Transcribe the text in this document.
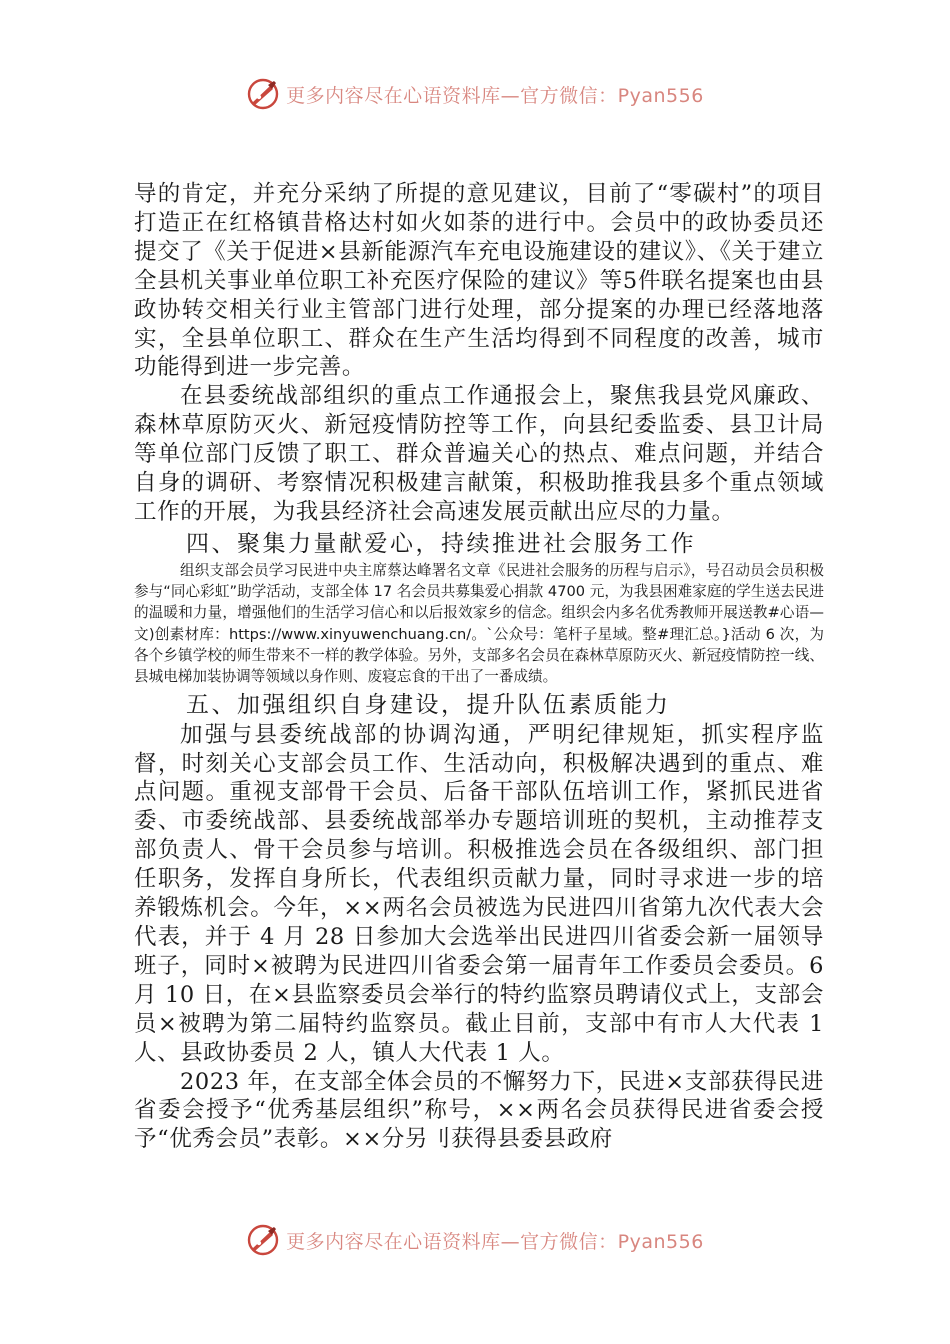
更多内容尽在心语资料库—官方微信：Pyan556

导的肯定，并充分采纳了所提的意见建议，目前了“零碳村”的项目打造正在红格镇昔格达村如火如荼的进行中。会员中的政协委员还提交了《关于促进×县新能源汽车充电设施建设的建议》、《关于建立全县机关事业单位职工补充医疗保险的建议》等5件联名提案也由县政协转交相关行业主管部门进行处理，部分提案的办理已经落地落实，全县单位职工、群众在生产生活均得到不同程度的改善，城市功能得到进一步完善。

在县委统战部组织的重点工作通报会上，聚焦我县党风廉政、森林草原防灭火、新冠疫情防控等工作，向县纪委监委、县卫计局等单位部门反馈了职工、群众普遍关心的热点、难点问题，并结合自身的调研、考察情况积极建言献策，积极助推我县多个重点领域工作的开展，为我县经济社会高速发展贡献出应尽的力量。

四、聚集力量献爱心，持续推进社会服务工作

组织支部会员学习民进中央主席蔡达峰署名文章《民进社会服务的历程与启示》，号召动员会员积极参与“同心彩虹”助学活动，支部全体 17 名会员共募集爱心捐款 4700 元，为我县困难家庭的学生送去民进的温暖和力量，增强他们的生活学习信心和以后报效家乡的信念。组织会内多名优秀教师开展送教#心语—文)创素材库：https://www.xinyuwenchuang.cn/。`公众号：笔杆子星域。整#理汇总。}活动 6 次，为各个乡镇学校的师生带来不一样的教学体验。另外，支部多名会员在森林草原防灭火、新冠疫情防控一线、县城电梯加装协调等领域以身作则、废寝忘食的干出了一番成绩。

五、加强组织自身建设，提升队伍素质能力

加强与县委统战部的协调沟通，严明纪律规矩，抓实程序监督，时刻关心支部会员工作、生活动向，积极解决遇到的重点、难点问题。重视支部骨干会员、后备干部队伍培训工作，紧抓民进省委、市委统战部、县委统战部举办专题培训班的契机，主动推荐支部负责人、骨干会员参与培训。积极推选会员在各级组织、部门担任职务，发挥自身所长，代表组织贡献力量，同时寻求进一步的培养锻炼机会。今年，××两名会员被选为民进四川省第九次代表大会代表，并于 4 月 28 日参加大会选举出民进四川省委会新一届领导班子，同时×被聘为民进四川省委会第一届青年工作委员会委员。6 月 10 日，在×县监察委员会举行的特约监察员聘请仪式上，支部会员×被聘为第二届特约监察员。截止目前，支部中有市人大代表 1 人、县政协委员 2 人，镇人大代表 1 人。

2023 年，在支部全体会员的不懈努力下，民进×支部获得民进省委会授予“优秀基层组织”称号，××两名会员获得民进省委会授予“优秀会员”表彰。××分另刂获得县委县政府

更多内容尽在心语资料库—官方微信：Pyan556
